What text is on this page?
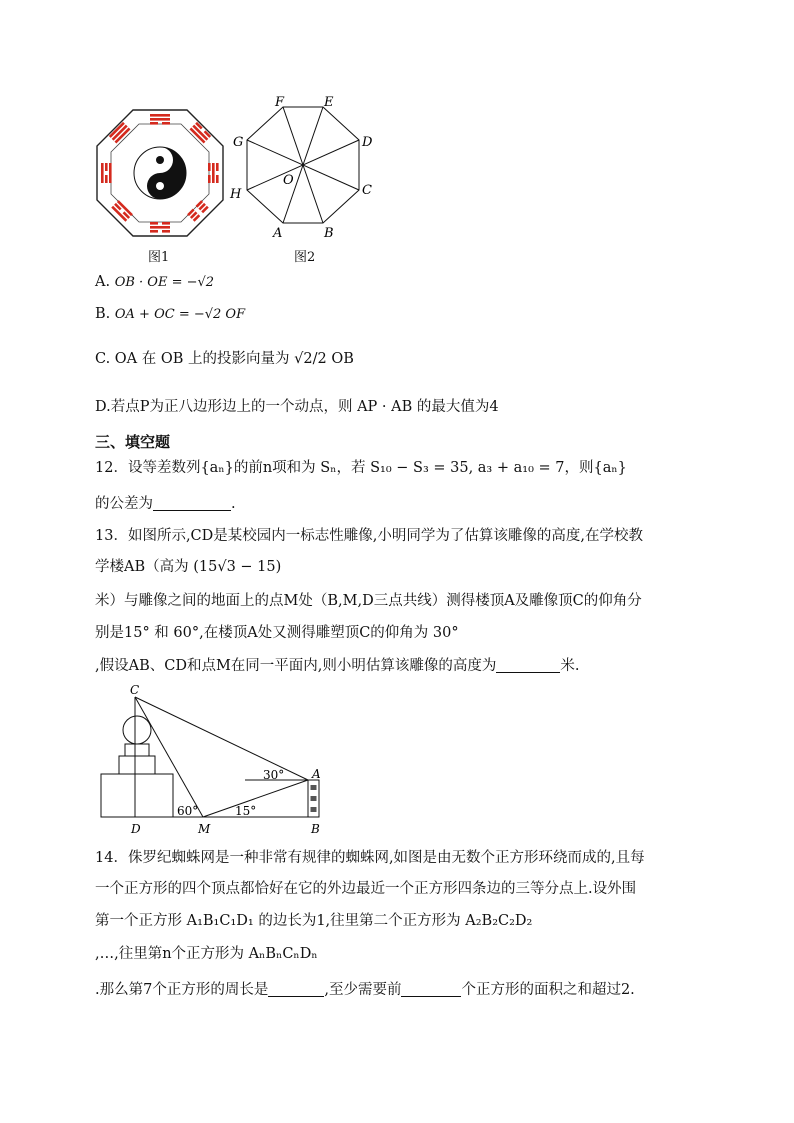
图1
F	E
D
C
B
A
H
G
O
图2
A. OB · OE = −√2
B. OA + OC = −√2 OF
C. OA 在 OB 上的投影向量为 √2/2 OB
D.若点P为正八边形边上的一个动点，则 AP · AB 的最大值为4
三、填空题
12．设等差数列{aₙ}的前n项和为 Sₙ，若 S₁₀ − S₃ = 35, a₃ + a₁₀ = 7，则{aₙ}
的公差为	.
13．如图所示,CD是某校园内一标志性雕像,小明同学为了估算该雕像的高度,在学校教
学楼AB（高为 (15√3 − 15)
米）与雕像之间的地面上的点M处（B,M,D三点共线）测得楼顶A及雕像顶C的仰角分
别是15° 和 60°,在楼顶A处又测得雕塑顶C的仰角为 30°
,假设AB、CD和点M在同一平面内,则小明估算该雕像的高度为	米.
C
A
D	M	B
60°	15°
30°
14．侏罗纪蜘蛛网是一种非常有规律的蜘蛛网,如图是由无数个正方形环绕而成的,且每
一个正方形的四个顶点都恰好在它的外边最近一个正方形四条边的三等分点上.设外围
第一个正方形 A₁B₁C₁D₁ 的边长为1,往里第二个正方形为 A₂B₂C₂D₂
,…,往里第n个正方形为 AₙBₙCₙDₙ
.那么第7个正方形的周长是	,至少需要前	个正方形的面积之和超过2.
